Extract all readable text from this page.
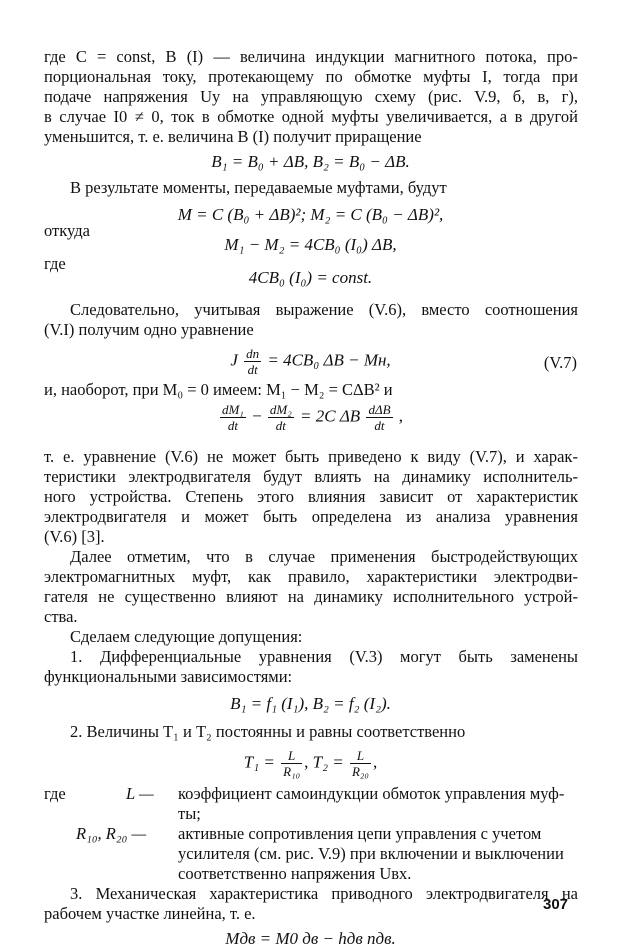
где C = const, B (I) — величина индукции магнитного потока, про-
порциональная току, протекающему по обмотке муфты I, тогда при
подаче напряжения Uу на управляющую схему (рис. V.9, б, в, г),
в случае I0 ≠ 0, ток в обмотке одной муфты увеличивается, а в другой
уменьшится, т. е. величина B (I) получит приращение
B₁ = B₀ + ΔB, B₂ = B₀ − ΔB.
В результате моменты, передаваемые муфтами, будут
M = C (B₀ + ΔB)²; M₂ = C (B₀ − ΔB)²,
откуда
M₁ − M₂ = 4CB₀ (I₀) ΔB,
где
4CB₀ (I₀) = const.
Следовательно, учитывая выражение (V.6), вместо соотношения
(V.I) получим одно уравнение
J $\frac{dn}{dt} = 4CB_0$ ΔB − Mн,	(V.7)
и, наоборот, при M₀ = 0 имеем: M₁ − M₂ = CΔB² и
$\frac{\text{dM₁}}{dt} - \frac{\text{dM₂}}{dt} = 2C$ ΔB $\frac{\text{dΔB}}{dt}$ ,
т. е. уравнение (V.6) не может быть приведено к виду (V.7), и харак-
теристики электродвигателя будут влиять на динамику исполнитель-
ного устройства. Степень этого влияния зависит от характеристик
электродвигателя и может быть определена из анализа уравнения
(V.6) [3].
Далее отметим, что в случае применения быстродействующих
электромагнитных муфт, как правило, характеристики электродви-
гателя не существенно влияют на динамику исполнительного устрой-
ства.
Сделаем следующие допущения:
1. Дифференциальные уравнения (V.3) могут быть заменены
функциональными зависимостями:
B₁ = f₁ (I₁), B₂ = f₂ (I₂).
2. Величины T₁ и T₂ постоянны и равны соответственно
$T_1 = \frac{L}{\text{R₁₀}}$ , $T_2 = \frac{L}{\text{R₂₀}}$ ,
где	L — коэффициент самоиндукции обмоток управления муф-
ты;
R₁₀, R₂₀ — активные сопротивления цепи управления с учетом
усилителя (см. рис. V.9) при включении и выключении
соответственно напряжения Uвх.
3. Механическая характеристика приводного электродвигателя на
рабочем участке линейна, т. е.
Mдв = M0 дв − hдв nдв.
307
